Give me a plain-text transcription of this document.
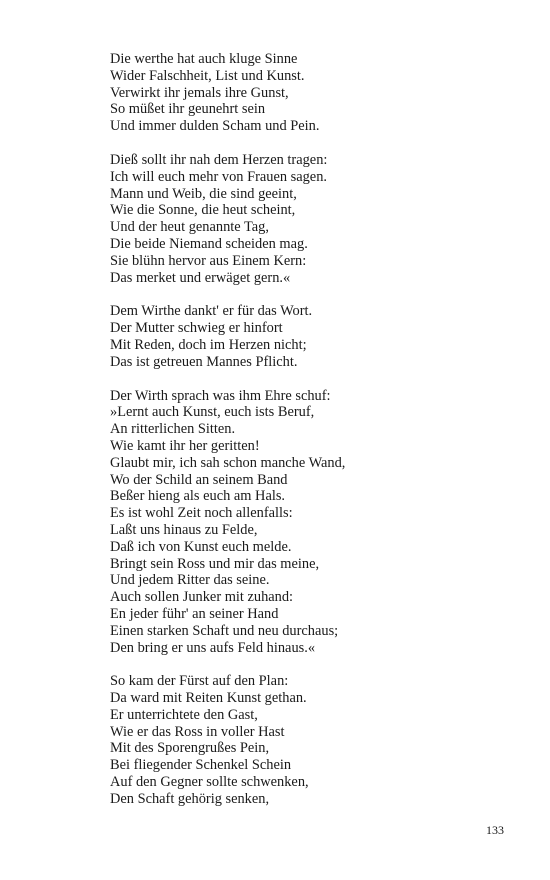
Die werthe hat auch kluge Sinne
Wider Falschheit, List und Kunst.
Verwirkt ihr jemals ihre Gunst,
So müßet ihr geunehrt sein
Und immer dulden Scham und Pein.
Dieß sollt ihr nah dem Herzen tragen:
Ich will euch mehr von Frauen sagen.
Mann und Weib, die sind geeint,
Wie die Sonne, die heut scheint,
Und der heut genannte Tag,
Die beide Niemand scheiden mag.
Sie blühn hervor aus Einem Kern:
Das merket und erwäget gern.«
Dem Wirthe dankt' er für das Wort.
Der Mutter schwieg er hinfort
Mit Reden, doch im Herzen nicht;
Das ist getreuen Mannes Pflicht.
Der Wirth sprach was ihm Ehre schuf:
»Lernt auch Kunst, euch ists Beruf,
An ritterlichen Sitten.
Wie kamt ihr her geritten!
Glaubt mir, ich sah schon manche Wand,
Wo der Schild an seinem Band
Beßer hieng als euch am Hals.
Es ist wohl Zeit noch allenfalls:
Laßt uns hinaus zu Felde,
Daß ich von Kunst euch melde.
Bringt sein Ross und mir das meine,
Und jedem Ritter das seine.
Auch sollen Junker mit zuhand:
En jeder führ' an seiner Hand
Einen starken Schaft und neu durchaus;
Den bring er uns aufs Feld hinaus.«
So kam der Fürst auf den Plan:
Da ward mit Reiten Kunst gethan.
Er unterrichtete den Gast,
Wie er das Ross in voller Hast
Mit des Sporengrußes Pein,
Bei fliegender Schenkel Schein
Auf den Gegner sollte schwenken,
Den Schaft gehörig senken,
133
